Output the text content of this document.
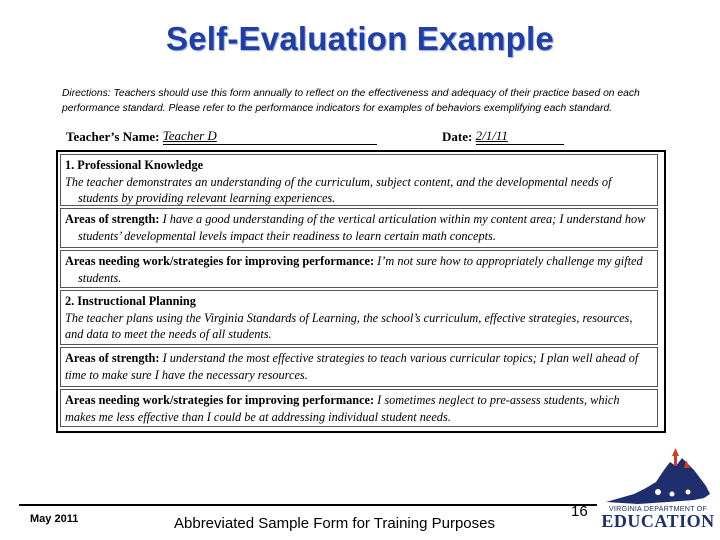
Self-Evaluation Example
Directions: Teachers should use this form annually to reflect on the effectiveness and adequacy of their practice based on each performance standard. Please refer to the performance indicators for examples of behaviors exemplifying each standard.
Teacher’s Name: Teacher D	Date: 2/1/11
1. Professional Knowledge
The teacher demonstrates an understanding of the curriculum, subject content, and the developmental needs of students by providing relevant learning experiences.
Areas of strength: I have a good understanding of the vertical articulation within my content area; I understand how students’ developmental levels impact their readiness to learn certain math concepts.
Areas needing work/strategies for improving performance: I’m not sure how to appropriately challenge my gifted students.
2. Instructional Planning
The teacher plans using the Virginia Standards of Learning, the school’s curriculum, effective strategies, resources, and data to meet the needs of all students.
Areas of strength: I understand the most effective strategies to teach various curricular topics; I plan well ahead of time to make sure I have the necessary resources.
Areas needing work/strategies for improving performance: I sometimes neglect to pre-assess students, which makes me less effective than I could be at addressing individual student needs.
May 2011	Abbreviated Sample Form for Training Purposes
16	VIRGINIA DEPARTMENT OF
EDUCATION
